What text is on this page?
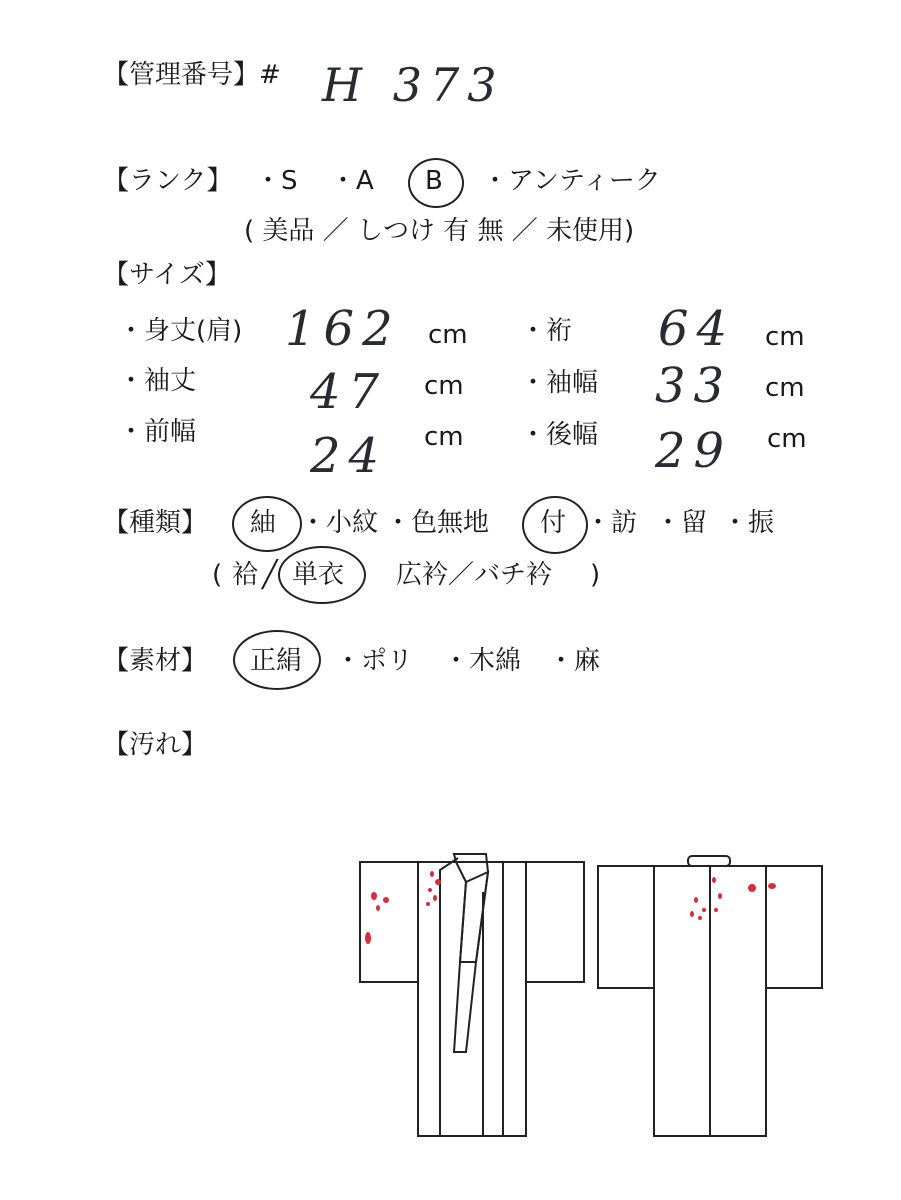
【管理番号】# H 373
【ランク】 ・S ・A B ・アンティーク
( 美品 ／ しつけ 有 無 ／ 未使用)
【サイズ】
・身丈(肩) 162 cm ・裄 64 cm
・袖丈 47 cm ・袖幅 33 cm
・前幅 24 cm ・後幅 29 cm
【種類】 紬 ・小紋 ・色無地 付 ・訪 ・留 ・振
( 袷 ╱ 単衣 広衿／バチ衿 )
【素材】 正絹 ・ポリ ・木綿 ・麻
【汚れ】
